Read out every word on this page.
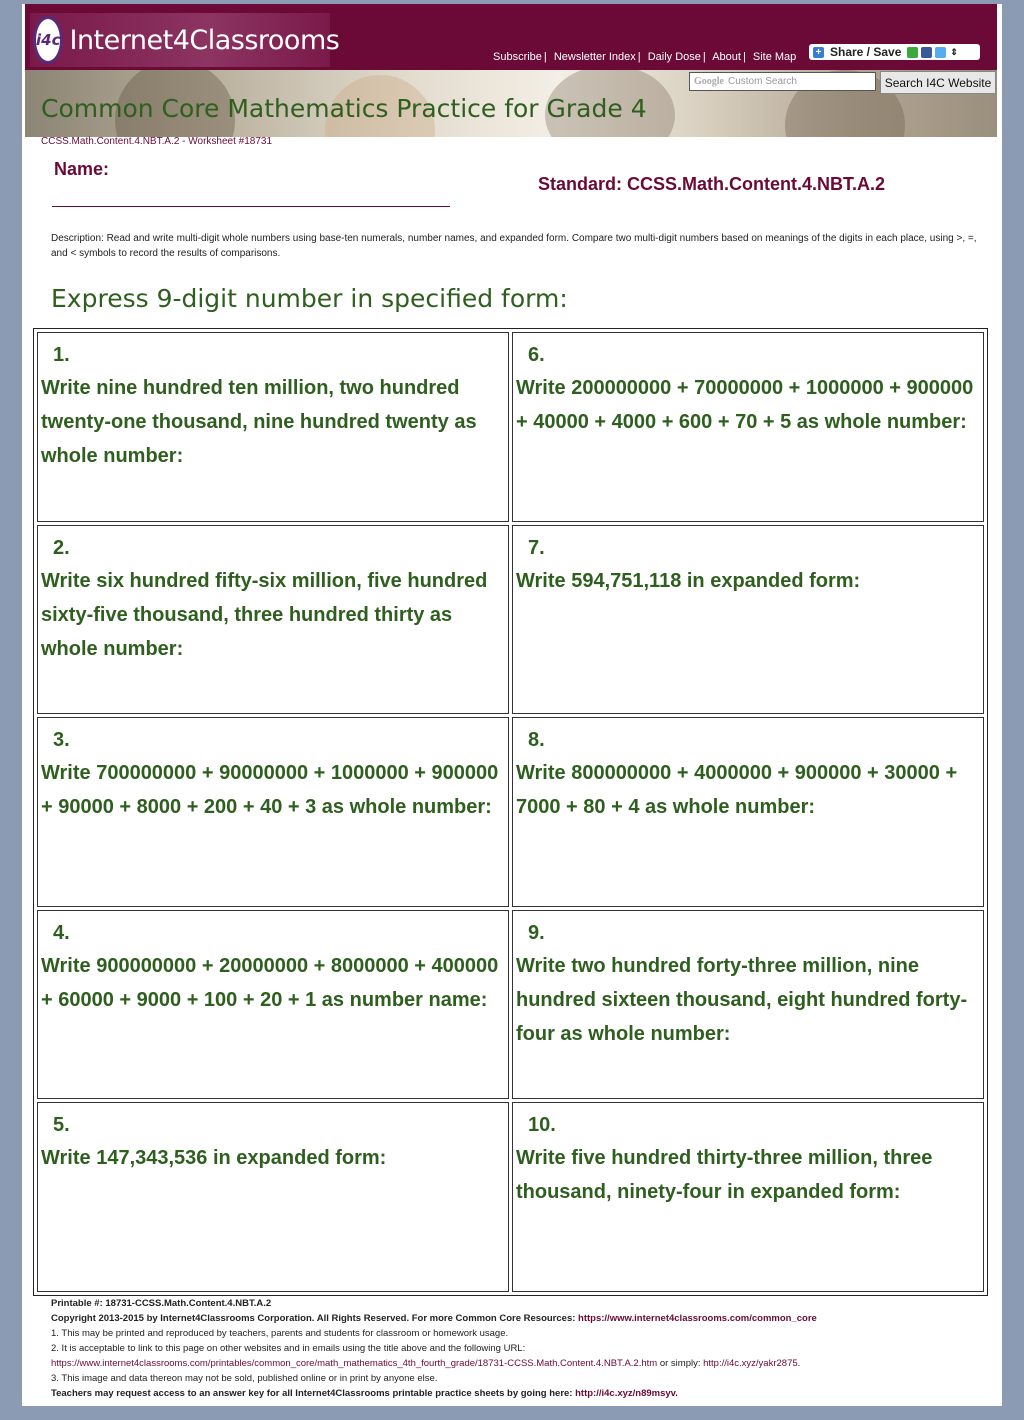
i4c Internet4Classrooms
Subscribe | Newsletter Index | Daily Dose | About | Site Map + Share / Save	⇕
Google Custom Search	Search I4C Website
Common Core Mathematics Practice for Grade 4
CCSS.Math.Content.4.NBT.A.2 - Worksheet #18731
Name:
Standard: CCSS.Math.Content.4.NBT.A.2
Description: Read and write multi-digit whole numbers using base-ten numerals, number names, and expanded form. Compare two multi-digit numbers based on meanings of the digits in each place, using >, =, and < symbols to record the results of comparisons.
Express 9-digit number in specified form:
1.
Write nine hundred ten million, two hundred twenty-one thousand, nine hundred twenty as whole number:
6.
Write 200000000 + 70000000 + 1000000 + 900000 + 40000 + 4000 + 600 + 70 + 5 as whole number:
2.
Write six hundred fifty-six million, five hundred sixty-five thousand, three hundred thirty as whole number:
7.
Write 594,751,118 in expanded form:
3.
Write 700000000 + 90000000 + 1000000 + 900000 + 90000 + 8000 + 200 + 40 + 3 as whole number:
8.
Write 800000000 + 4000000 + 900000 + 30000 + 7000 + 80 + 4 as whole number:
4.
Write 900000000 + 20000000 + 8000000 + 400000 + 60000 + 9000 + 100 + 20 + 1 as number name:
9.
Write two hundred forty-three million, nine hundred sixteen thousand, eight hundred forty-four as whole number:
5.
Write 147,343,536 in expanded form:
10.
Write five hundred thirty-three million, three thousand, ninety-four in expanded form:
Printable #: 18731-CCSS.Math.Content.4.NBT.A.2
Copyright 2013-2015 by Internet4Classrooms Corporation. All Rights Reserved. For more Common Core Resources: https://www.internet4classrooms.com/common_core
1. This may be printed and reproduced by teachers, parents and students for classroom or homework usage.
2. It is acceptable to link to this page on other websites and in emails using the title above and the following URL:
https://www.internet4classrooms.com/printables/common_core/math_mathematics_4th_fourth_grade/18731-CCSS.Math.Content.4.NBT.A.2.htm or simply: http://i4c.xyz/yakr2875.
3. This image and data thereon may not be sold, published online or in print by anyone else.
Teachers may request access to an answer key for all Internet4Classrooms printable practice sheets by going here: http://i4c.xyz/n89msyv.
